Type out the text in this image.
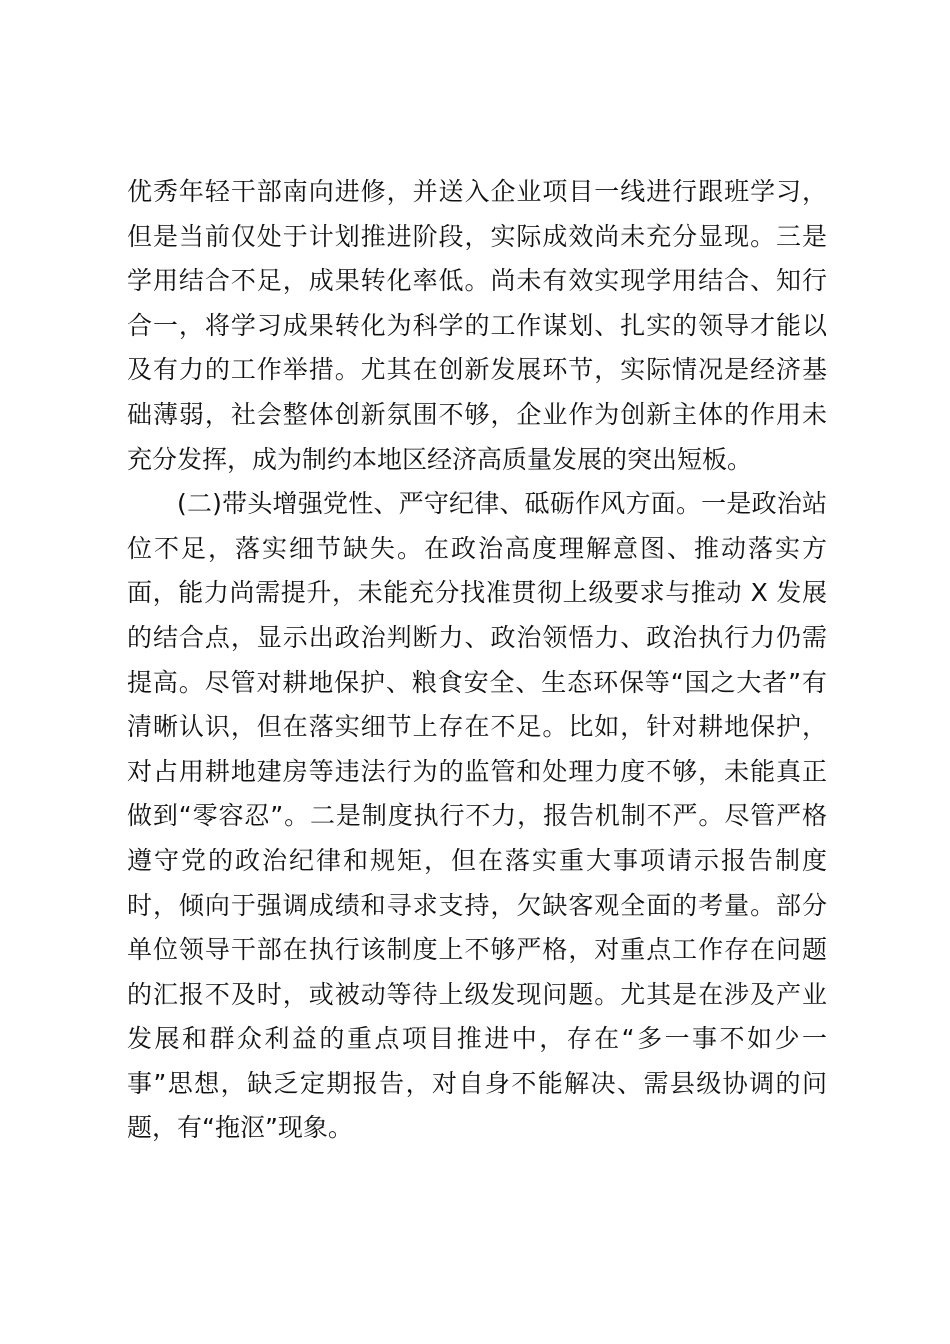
优秀年轻干部南向进修，并送入企业项目一线进行跟班学习，
但是当前仅处于计划推进阶段，实际成效尚未充分显现。三是
学用结合不足，成果转化率低。尚未有效实现学用结合、知行
合一，将学习成果转化为科学的工作谋划、扎实的领导才能以
及有力的工作举措。尤其在创新发展环节，实际情况是经济基
础薄弱，社会整体创新氛围不够，企业作为创新主体的作用未
充分发挥，成为制约本地区经济高质量发展的突出短板。
(二)带头增强党性、严守纪律、砥砺作风方面。一是政治站
位不足，落实细节缺失。在政治高度理解意图、推动落实方
面，能力尚需提升，未能充分找准贯彻上级要求与推动 X 发展
的结合点，显示出政治判断力、政治领悟力、政治执行力仍需
提高。尽管对耕地保护、粮食安全、生态环保等“国之大者”有
清晰认识，但在落实细节上存在不足。比如，针对耕地保护，
对占用耕地建房等违法行为的监管和处理力度不够，未能真正
做到“零容忍”。二是制度执行不力，报告机制不严。尽管严格
遵守党的政治纪律和规矩，但在落实重大事项请示报告制度
时，倾向于强调成绩和寻求支持，欠缺客观全面的考量。部分
单位领导干部在执行该制度上不够严格，对重点工作存在问题
的汇报不及时，或被动等待上级发现问题。尤其是在涉及产业
发展和群众利益的重点项目推进中，存在“多一事不如少一
事”思想，缺乏定期报告，对自身不能解决、需县级协调的问
题，有“拖沤”现象。
